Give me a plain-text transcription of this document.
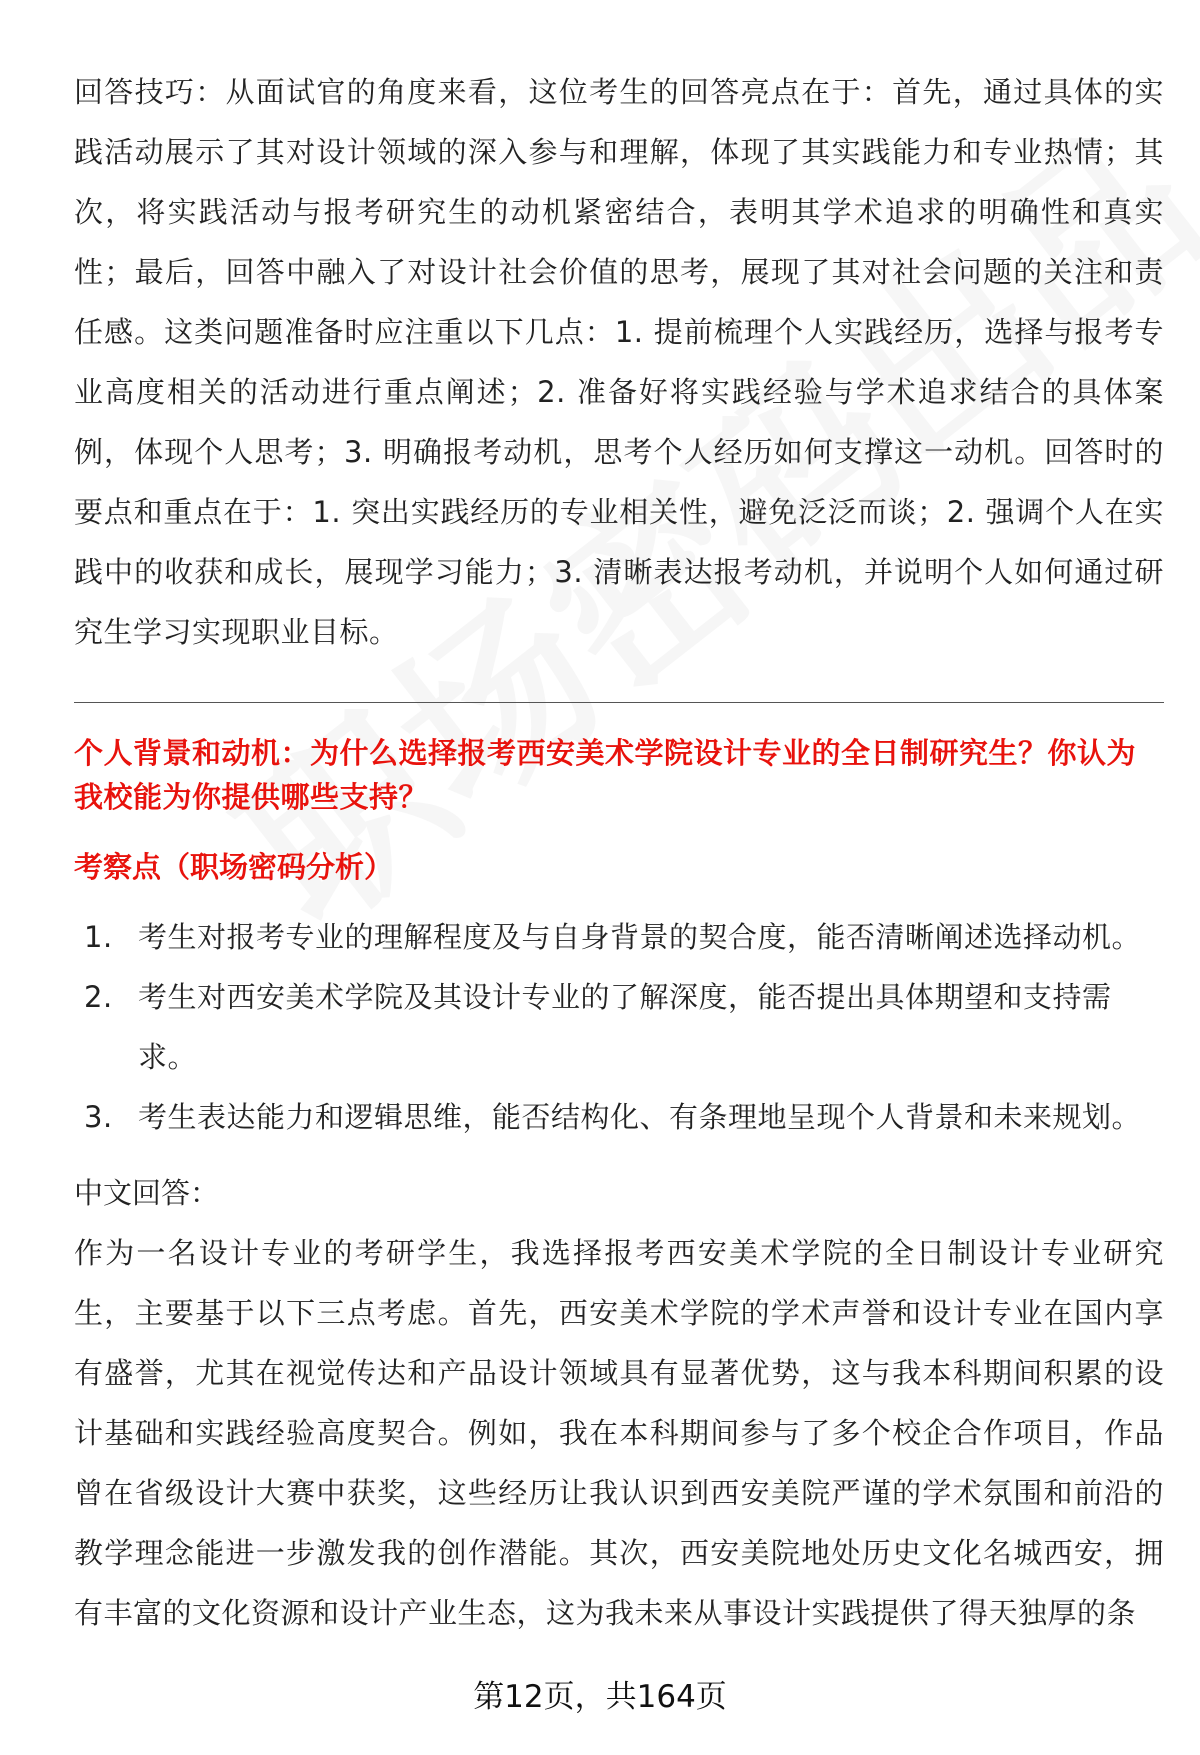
回答技巧：从面试官的角度来看，这位考生的回答亮点在于：首先，通过具体的实践活动展示了其对设计领域的深入参与和理解，体现了其实践能力和专业热情；其次，将实践活动与报考研究生的动机紧密结合，表明其学术追求的明确性和真实性；最后，回答中融入了对设计社会价值的思考，展现了其对社会问题的关注和责任感。这类问题准备时应注重以下几点：1. 提前梳理个人实践经历，选择与报考专业高度相关的活动进行重点阐述；2. 准备好将实践经验与学术追求结合的具体案例，体现个人思考；3. 明确报考动机，思考个人经历如何支撑这一动机。回答时的要点和重点在于：1. 突出实践经历的专业相关性，避免泛泛而谈；2. 强调个人在实践中的收获和成长，展现学习能力；3. 清晰表达报考动机，并说明个人如何通过研究生学习实现职业目标。

个人背景和动机：为什么选择报考西安美术学院设计专业的全日制研究生？你认为我校能为你提供哪些支持？

考察点（职场密码分析）

1. 考生对报考专业的理解程度及与自身背景的契合度，能否清晰阐述选择动机。
2. 考生对西安美术学院及其设计专业的了解深度，能否提出具体期望和支持需求。
3. 考生表达能力和逻辑思维，能否结构化、有条理地呈现个人背景和未来规划。

中文回答：

作为一名设计专业的考研学生，我选择报考西安美术学院的全日制设计专业研究生，主要基于以下三点考虑。首先，西安美术学院的学术声誉和设计专业在国内享有盛誉，尤其在视觉传达和产品设计领域具有显著优势，这与我本科期间积累的设计基础和实践经验高度契合。例如，我在本科期间参与了多个校企合作项目，作品曾在省级设计大赛中获奖，这些经历让我认识到西安美院严谨的学术氛围和前沿的教学理念能进一步激发我的创作潜能。其次，西安美院地处历史文化名城西安，拥有丰富的文化资源和设计产业生态，这为我未来从事设计实践提供了得天独厚的条

第12页，共164页
